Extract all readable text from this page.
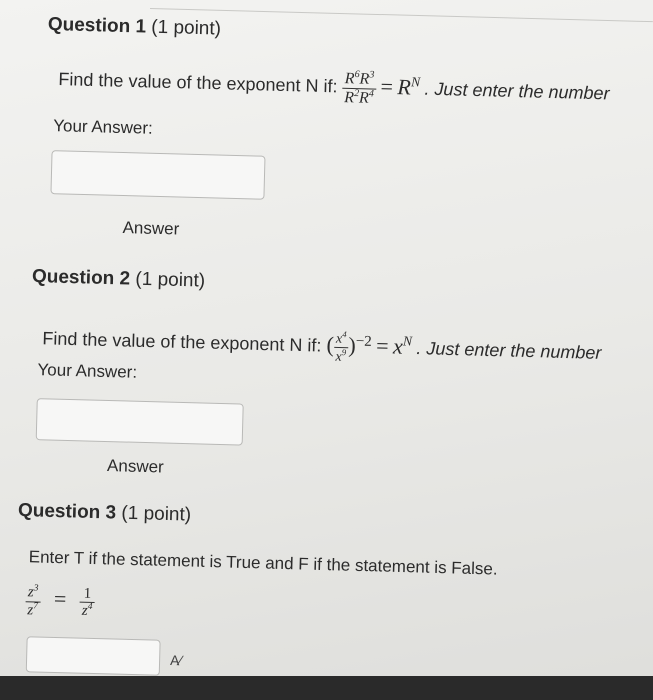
Question 1 (1 point)
Find the value of the exponent N if: $\frac{R^6R^3}{R^2R^4} = R^N$ . Just enter the number
Your Answer:
Answer
Question 2 (1 point)
Find the value of the exponent N if: ( $\frac{x^4}{x^9} )^{-2} = x^N$ . Just enter the number
Your Answer:
Answer
Question 3 (1 point)
Enter T if the statement is True and F if the statement is False.
$\frac{z^3}{z^7} = \frac{1}{z^4}$
A⁄
